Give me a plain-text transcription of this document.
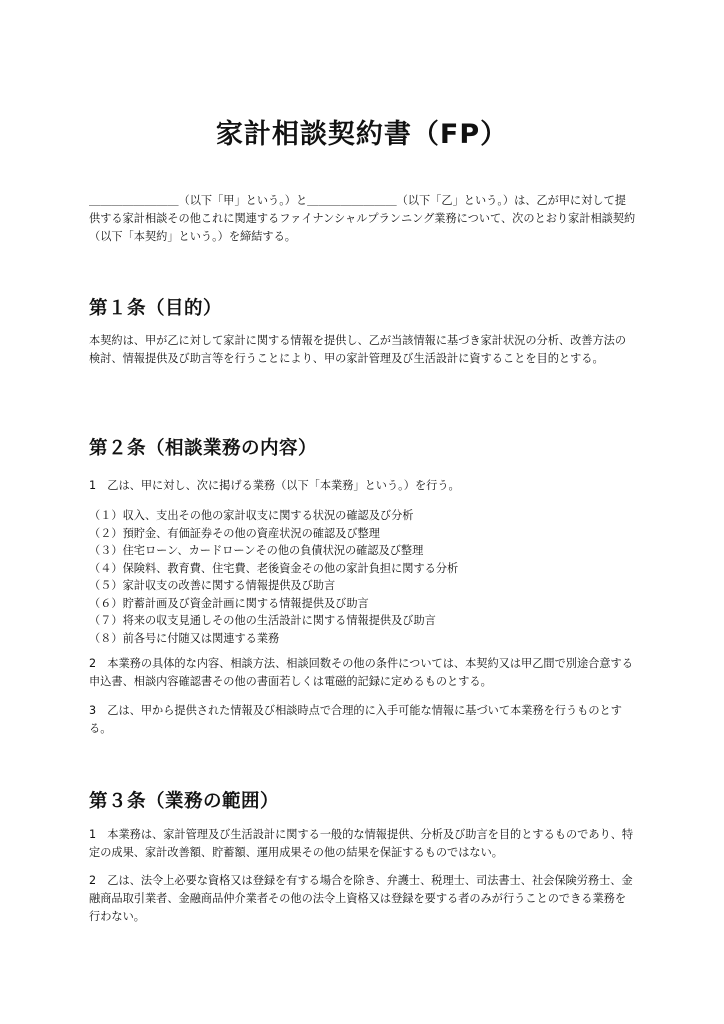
家計相談契約書（FP）

＿＿＿＿＿＿＿＿（以下「甲」という。）と＿＿＿＿＿＿＿＿（以下「乙」という。）は、乙が甲に対して提供する家計相談その他これに関連するファイナンシャルプランニング業務について、次のとおり家計相談契約（以下「本契約」という。）を締結する。

第１条（目的）

本契約は、甲が乙に対して家計に関する情報を提供し、乙が当該情報に基づき家計状況の分析、改善方法の検討、情報提供及び助言等を行うことにより、甲の家計管理及び生活設計に資することを目的とする。

第２条（相談業務の内容）

1　乙は、甲に対し、次に掲げる業務（以下「本業務」という。）を行う。

（１）収入、支出その他の家計収支に関する状況の確認及び分析
（２）預貯金、有価証券その他の資産状況の確認及び整理
（３）住宅ローン、カードローンその他の負債状況の確認及び整理
（４）保険料、教育費、住宅費、老後資金その他の家計負担に関する分析
（５）家計収支の改善に関する情報提供及び助言
（６）貯蓄計画及び資金計画に関する情報提供及び助言
（７）将来の収支見通しその他の生活設計に関する情報提供及び助言
（８）前各号に付随又は関連する業務

2　本業務の具体的な内容、相談方法、相談回数その他の条件については、本契約又は甲乙間で別途合意する申込書、相談内容確認書その他の書面若しくは電磁的記録に定めるものとする。

3　乙は、甲から提供された情報及び相談時点で合理的に入手可能な情報に基づいて本業務を行うものとする。

第３条（業務の範囲）

1　本業務は、家計管理及び生活設計に関する一般的な情報提供、分析及び助言を目的とするものであり、特定の成果、家計改善額、貯蓄額、運用成果その他の結果を保証するものではない。

2　乙は、法令上必要な資格又は登録を有する場合を除き、弁護士、税理士、司法書士、社会保険労務士、金融商品取引業者、金融商品仲介業者その他の法令上資格又は登録を要する者のみが行うことのできる業務を行わない。
